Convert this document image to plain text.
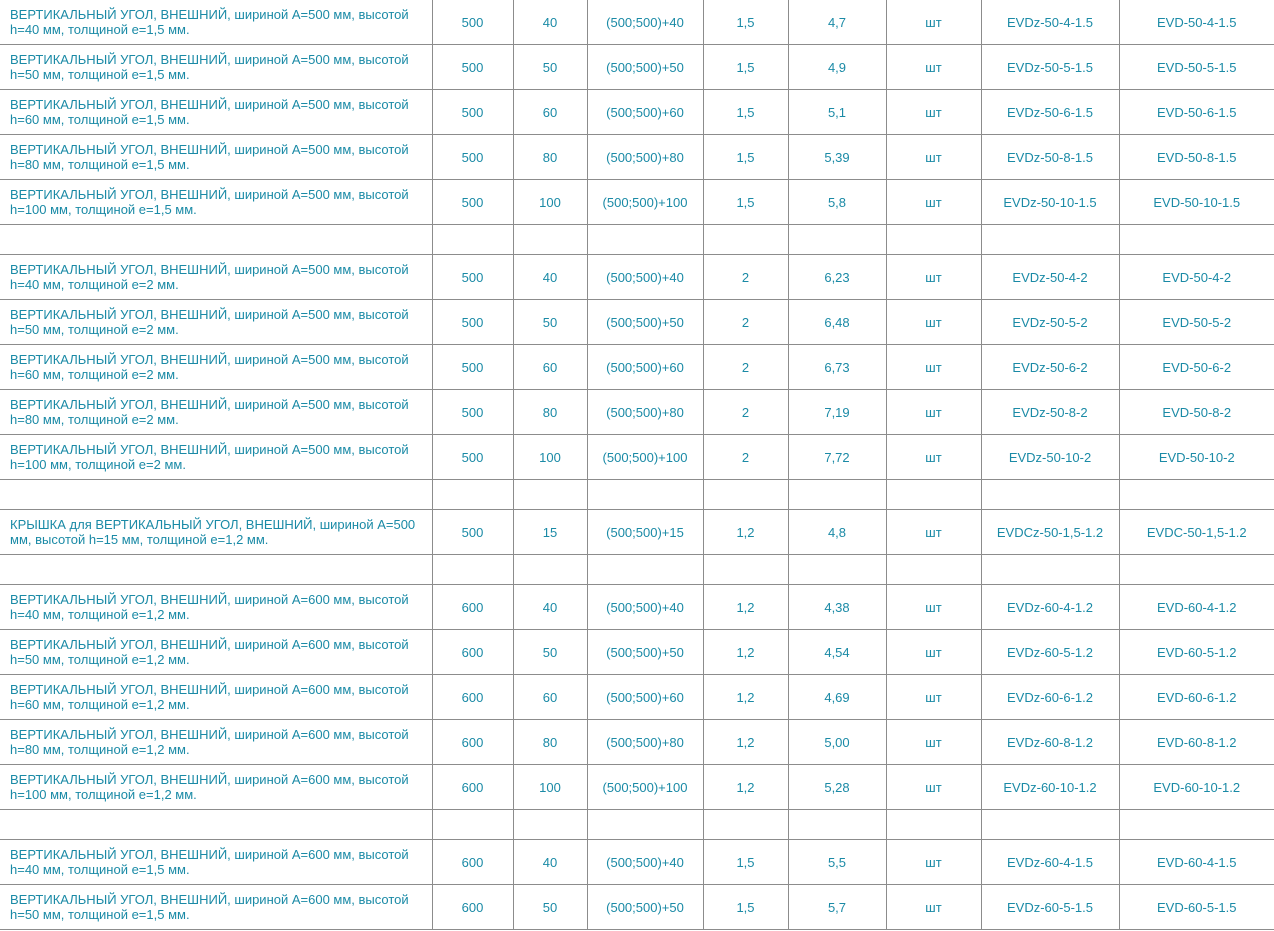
ВЕРТИКАЛЬНЫЙ УГОЛ, ВНЕШНИЙ, шириной А=500 мм, высотой h=40 мм, толщиной е=1,5 мм.	500	40	(500;500)+40	1,5	4,7	шт	EVDz-50-4-1.5	EVD-50-4-1.5
ВЕРТИКАЛЬНЫЙ УГОЛ, ВНЕШНИЙ, шириной А=500 мм, высотой h=50 мм, толщиной е=1,5 мм.	500	50	(500;500)+50	1,5	4,9	шт	EVDz-50-5-1.5	EVD-50-5-1.5
ВЕРТИКАЛЬНЫЙ УГОЛ, ВНЕШНИЙ, шириной А=500 мм, высотой h=60 мм, толщиной е=1,5 мм.	500	60	(500;500)+60	1,5	5,1	шт	EVDz-50-6-1.5	EVD-50-6-1.5
ВЕРТИКАЛЬНЫЙ УГОЛ, ВНЕШНИЙ, шириной А=500 мм, высотой h=80 мм, толщиной е=1,5 мм.	500	80	(500;500)+80	1,5	5,39	шт	EVDz-50-8-1.5	EVD-50-8-1.5
ВЕРТИКАЛЬНЫЙ УГОЛ, ВНЕШНИЙ, шириной А=500 мм, высотой h=100 мм, толщиной е=1,5 мм.	500	100	(500;500)+100	1,5	5,8	шт	EVDz-50-10-1.5	EVD-50-10-1.5

ВЕРТИКАЛЬНЫЙ УГОЛ, ВНЕШНИЙ, шириной А=500 мм, высотой h=40 мм, толщиной е=2 мм.	500	40	(500;500)+40	2	6,23	шт	EVDz-50-4-2	EVD-50-4-2
ВЕРТИКАЛЬНЫЙ УГОЛ, ВНЕШНИЙ, шириной А=500 мм, высотой h=50 мм, толщиной е=2 мм.	500	50	(500;500)+50	2	6,48	шт	EVDz-50-5-2	EVD-50-5-2
ВЕРТИКАЛЬНЫЙ УГОЛ, ВНЕШНИЙ, шириной А=500 мм, высотой h=60 мм, толщиной е=2 мм.	500	60	(500;500)+60	2	6,73	шт	EVDz-50-6-2	EVD-50-6-2
ВЕРТИКАЛЬНЫЙ УГОЛ, ВНЕШНИЙ, шириной А=500 мм, высотой h=80 мм, толщиной е=2 мм.	500	80	(500;500)+80	2	7,19	шт	EVDz-50-8-2	EVD-50-8-2
ВЕРТИКАЛЬНЫЙ УГОЛ, ВНЕШНИЙ, шириной А=500 мм, высотой h=100 мм, толщиной е=2 мм.	500	100	(500;500)+100	2	7,72	шт	EVDz-50-10-2	EVD-50-10-2

КРЫШКА для ВЕРТИКАЛЬНЫЙ УГОЛ, ВНЕШНИЙ, шириной А=500 мм, высотой h=15 мм, толщиной е=1,2 мм.	500	15	(500;500)+15	1,2	4,8	шт	EVDCz-50-1,5-1.2	EVDC-50-1,5-1.2

ВЕРТИКАЛЬНЫЙ УГОЛ, ВНЕШНИЙ, шириной А=600 мм, высотой h=40 мм, толщиной е=1,2 мм.	600	40	(500;500)+40	1,2	4,38	шт	EVDz-60-4-1.2	EVD-60-4-1.2
ВЕРТИКАЛЬНЫЙ УГОЛ, ВНЕШНИЙ, шириной А=600 мм, высотой h=50 мм, толщиной е=1,2 мм.	600	50	(500;500)+50	1,2	4,54	шт	EVDz-60-5-1.2	EVD-60-5-1.2
ВЕРТИКАЛЬНЫЙ УГОЛ, ВНЕШНИЙ, шириной А=600 мм, высотой h=60 мм, толщиной е=1,2 мм.	600	60	(500;500)+60	1,2	4,69	шт	EVDz-60-6-1.2	EVD-60-6-1.2
ВЕРТИКАЛЬНЫЙ УГОЛ, ВНЕШНИЙ, шириной А=600 мм, высотой h=80 мм, толщиной е=1,2 мм.	600	80	(500;500)+80	1,2	5,00	шт	EVDz-60-8-1.2	EVD-60-8-1.2
ВЕРТИКАЛЬНЫЙ УГОЛ, ВНЕШНИЙ, шириной А=600 мм, высотой h=100 мм, толщиной е=1,2 мм.	600	100	(500;500)+100	1,2	5,28	шт	EVDz-60-10-1.2	EVD-60-10-1.2

ВЕРТИКАЛЬНЫЙ УГОЛ, ВНЕШНИЙ, шириной А=600 мм, высотой h=40 мм, толщиной е=1,5 мм.	600	40	(500;500)+40	1,5	5,5	шт	EVDz-60-4-1.5	EVD-60-4-1.5
ВЕРТИКАЛЬНЫЙ УГОЛ, ВНЕШНИЙ, шириной А=600 мм, высотой h=50 мм, толщиной е=1,5 мм.	600	50	(500;500)+50	1,5	5,7	шт	EVDz-60-5-1.5	EVD-60-5-1.5
